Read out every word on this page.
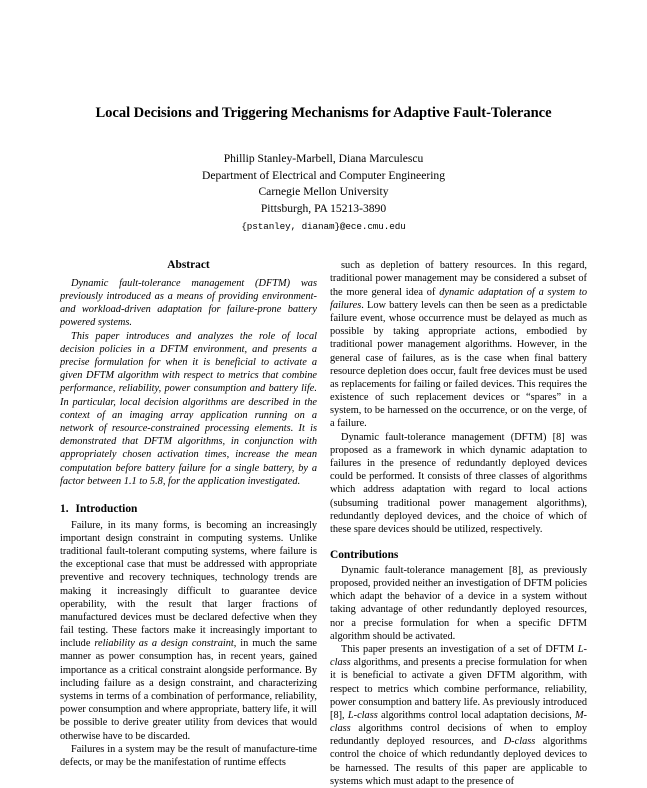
Local Decisions and Triggering Mechanisms for Adaptive Fault-Tolerance
Phillip Stanley-Marbell, Diana Marculescu
Department of Electrical and Computer Engineering
Carnegie Mellon University
Pittsburgh, PA 15213-3890
{pstanley, dianam}@ece.cmu.edu
Abstract

Dynamic fault-tolerance management (DFTM) was previously introduced as a means of providing environment- and workload-driven adaptation for failure-prone battery powered systems.

This paper introduces and analyzes the role of local decision policies in a DFTM environment, and presents a precise formulation for when it is beneficial to activate a given DFTM algorithm with respect to metrics that combine performance, reliability, power consumption and battery life. In particular, local decision algorithms are described in the context of an imaging array application running on a network of resource-constrained processing elements. It is demonstrated that DFTM algorithms, in conjunction with appropriately chosen activation times, increase the mean computation before battery failure for a single battery, by a factor between 1.1 to 5.8, for the application investigated.

1. Introduction

Failure, in its many forms, is becoming an increasingly important design constraint in computing systems. Unlike traditional fault-tolerant computing systems, where failure is the exceptional case that must be addressed with appropriate preventive and recovery techniques, technology trends are making it increasingly difficult to guarantee device operability, with the result that larger fractions of manufactured devices must be declared defective when they fail testing. These factors make it increasingly important to include reliability as a design constraint, in much the same manner as power consumption has, in recent years, gained importance as a critical constraint alongside performance. By including failure as a design constraint, and characterizing systems in terms of a combination of performance, reliability, power consumption and where appropriate, battery life, it will be possible to derive greater utility from devices that would otherwise have to be discarded.

Failures in a system may be the result of manufacture-time defects, or may be the manifestation of runtime effects

such as depletion of battery resources. In this regard, traditional power management may be considered a subset of the more general idea of dynamic adaptation of a system to failures. Low battery levels can then be seen as a predictable failure event, whose occurrence must be delayed as much as possible by taking appropriate actions, embodied by traditional power management algorithms. However, in the general case of failures, as is the case when final battery resource depletion does occur, fault free devices must be used as replacements for failing or failed devices. This requires the existence of such replacement devices or “spares” in a system, to be harnessed on the occurrence, or on the verge, of a failure.

Dynamic fault-tolerance management (DFTM) [8] was proposed as a framework in which dynamic adaptation to failures in the presence of redundantly deployed devices could be performed. It consists of three classes of algorithms which address adaptation with regard to local actions (subsuming traditional power management algorithms), redundantly deployed devices, and the choice of which of these spare devices should be utilized, respectively.

Contributions

Dynamic fault-tolerance management [8], as previously proposed, provided neither an investigation of DFTM policies which adapt the behavior of a device in a system without taking advantage of other redundantly deployed resources, nor a precise formulation for when a specific DFTM algorithm should be activated.

This paper presents an investigation of a set of DFTM L-class algorithms, and presents a precise formulation for when it is beneficial to activate a given DFTM algorithm, with respect to metrics which combine performance, reliability, power consumption and battery life. As previously introduced [8], L-class algorithms control local adaptation decisions, M-class algorithms control decisions of when to employ redundantly deployed resources, and D-class algorithms control the choice of which redundantly deployed devices to be harnessed. The results of this paper are applicable to systems which must adapt to the presence of
